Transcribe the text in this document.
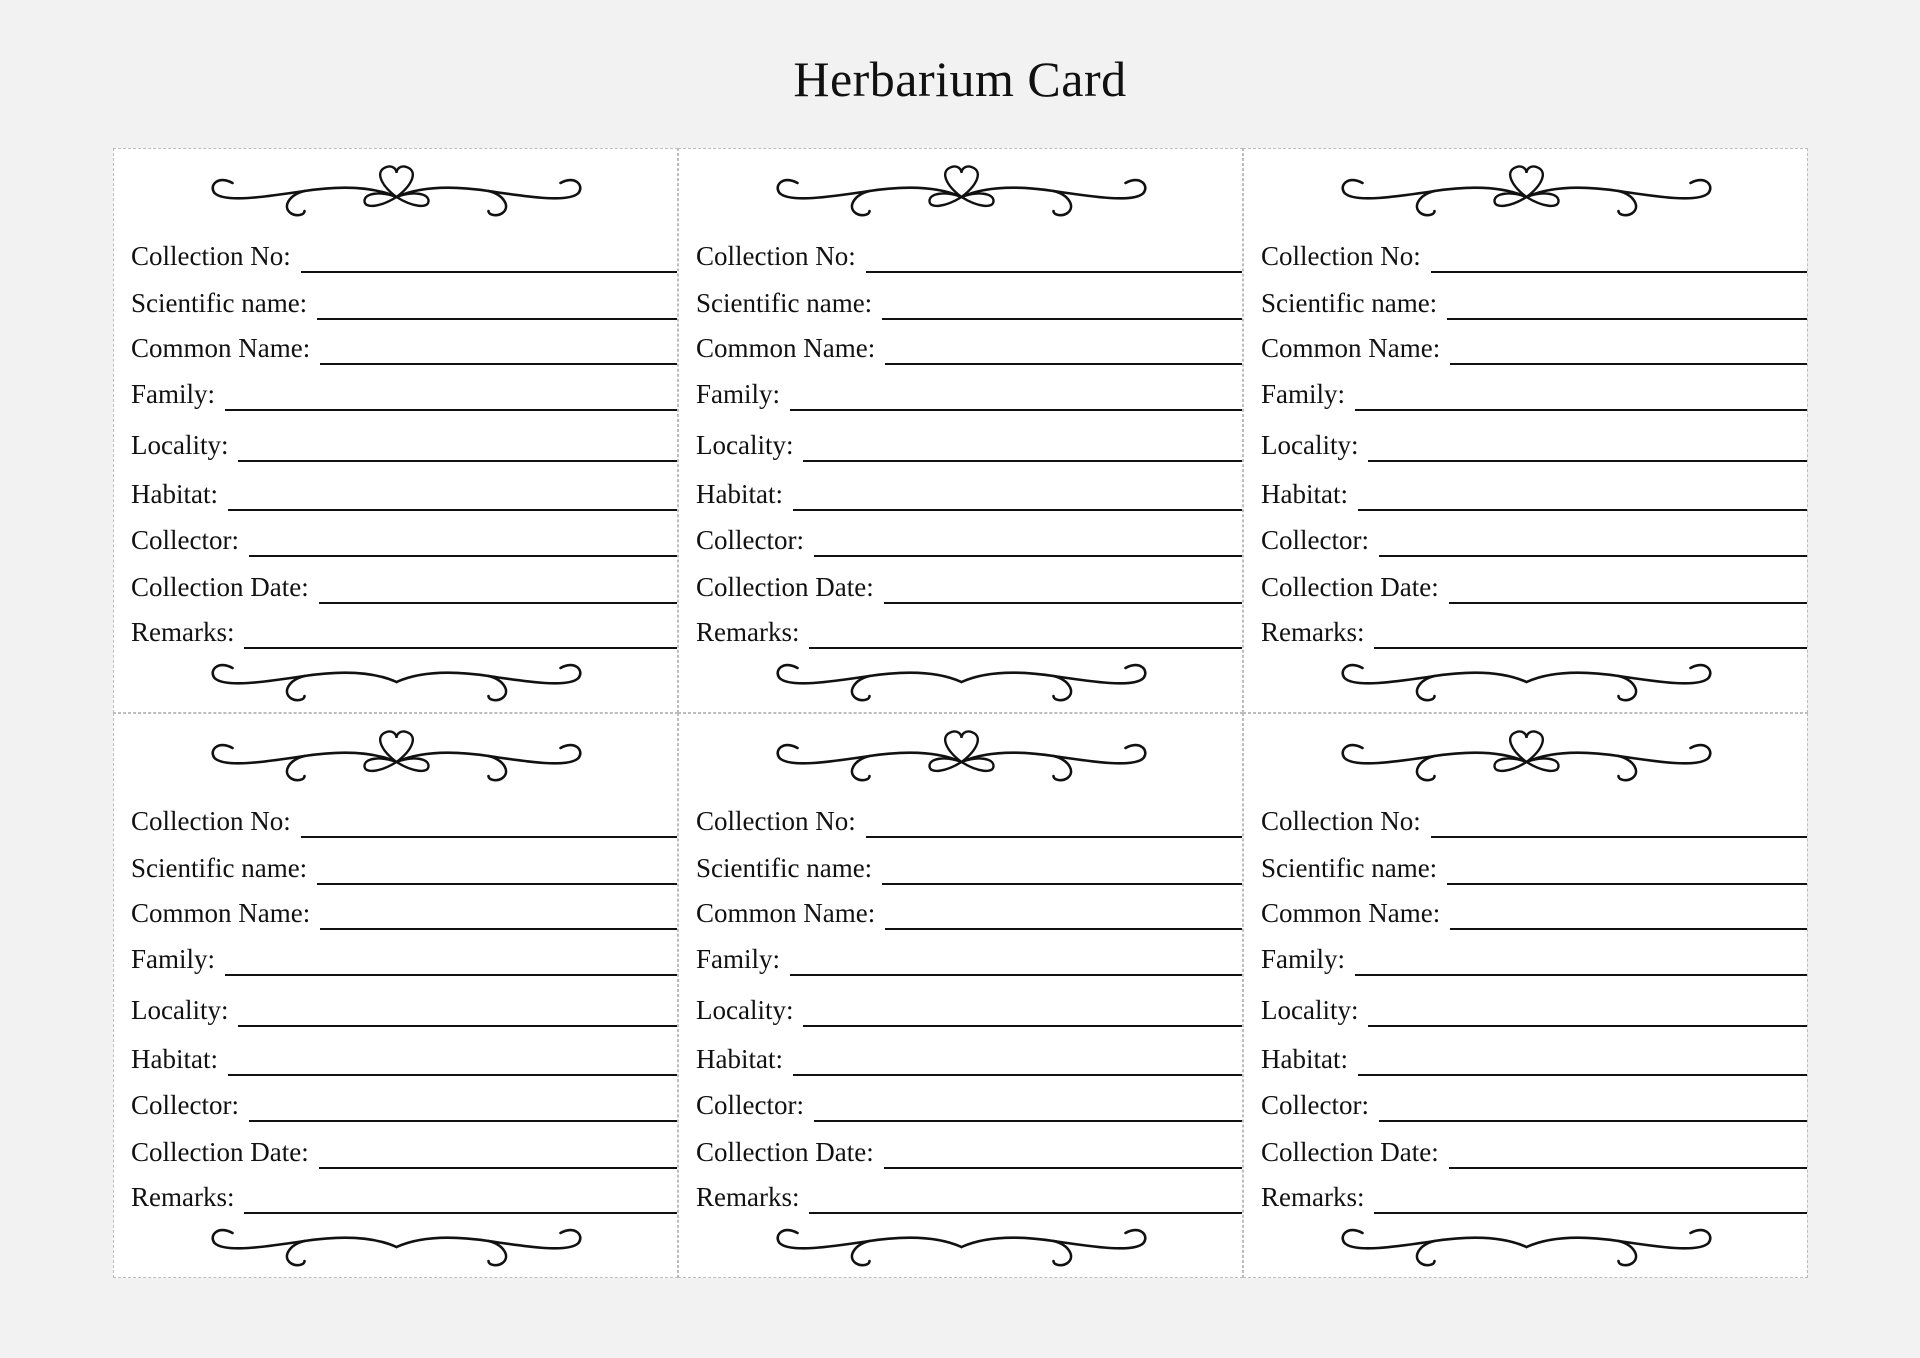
Herbarium Card
Collection No:
Scientific name:
Common Name:
Family:
Locality:
Habitat:
Collector:
Collection Date:
Remarks:
Collection No:
Scientific name:
Common Name:
Family:
Locality:
Habitat:
Collector:
Collection Date:
Remarks:
Collection No:
Scientific name:
Common Name:
Family:
Locality:
Habitat:
Collector:
Collection Date:
Remarks:
Collection No:
Scientific name:
Common Name:
Family:
Locality:
Habitat:
Collector:
Collection Date:
Remarks:
Collection No:
Scientific name:
Common Name:
Family:
Locality:
Habitat:
Collector:
Collection Date:
Remarks:
Collection No:
Scientific name:
Common Name:
Family:
Locality:
Habitat:
Collector:
Collection Date:
Remarks:
